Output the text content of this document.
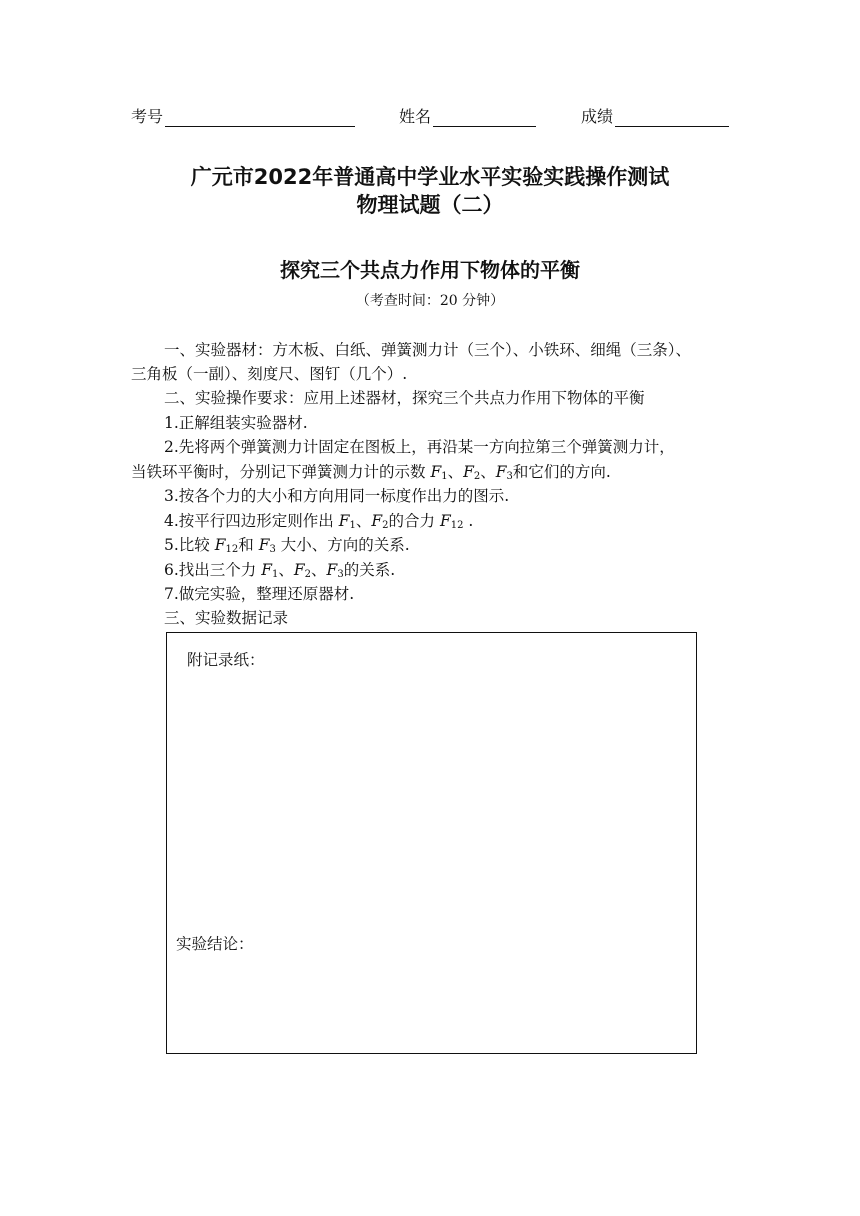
考号	姓名	成绩
广元市2022年普通高中学业水平实验实践操作测试
物理试题（二）
探究三个共点力作用下物体的平衡
（考查时间：20 分钟）
一、实验器材：方木板、白纸、弹簧测力计（三个）、小铁环、细绳（三条）、
三角板（一副）、刻度尺、图钉（几个）.
二、实验操作要求：应用上述器材，探究三个共点力作用下物体的平衡
1.正解组装实验器材.
2.先将两个弹簧测力计固定在图板上，再沿某一方向拉第三个弹簧测力计，
当铁环平衡时，分别记下弹簧测力计的示数 $F_1$、$F_2$、$F_3$和它们的方向.
3.按各个力的大小和方向用同一标度作出力的图示.
4.按平行四边形定则作出 $F_1$、$F_2$的合力 $F_{12}$ .
5.比较 $F_{12}$和 $F_3$ 大小、方向的关系.
6.找出三个力 $F_1$、$F_2$、$F_3$的关系.
7.做完实验，整理还原器材.
三、实验数据记录
附记录纸：
实验结论：
